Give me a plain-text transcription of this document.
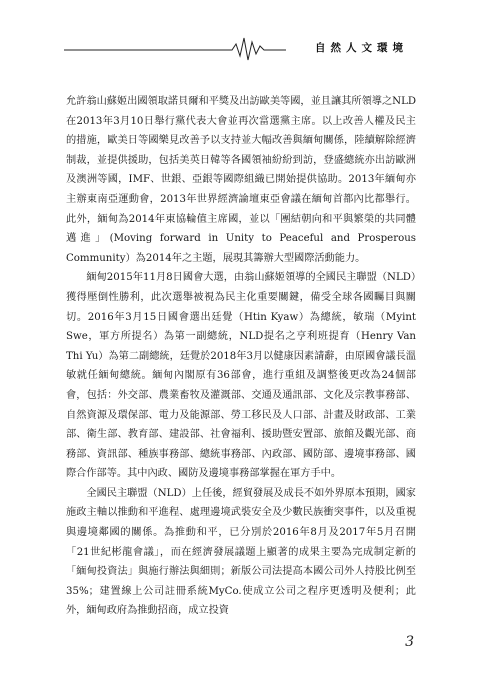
自然人文環境

允許翁山蘇姬出國領取諾貝爾和平獎及出訪歐美等國，並且讓其所領導之NLD在2013年3月10日舉行黨代表大會並再次當選黨主席。以上改善人權及民主的措施，歐美日等國樂見改善予以支持並大幅改善與緬甸關係，陸續解除經濟制裁，並提供援助，包括美英日韓等各國領袖紛紛到訪，登盛總統亦出訪歐洲及澳洲等國，IMF、世銀、亞銀等國際組織已開始提供協助。2013年緬甸亦主辦東南亞運動會，2013年世界經濟論壇東亞會議在緬甸首都內比都舉行。此外，緬甸為2014年東協輪值主席國，並以「團結朝向和平與繁榮的共同體邁進」(Moving forward in Unity to Peaceful and Prosperous Community）為2014年之主題，展現其籌辦大型國際活動能力。

緬甸2015年11月8日國會大選，由翁山蘇姬領導的全國民主聯盟（NLD）獲得壓倒性勝利，此次選舉被視為民主化重要關鍵，備受全球各國矚目與關切。2016年3月15日國會選出廷覺（Htin Kyaw）為總統，敏瑞（Myint Swe，軍方所提名）為第一副總統，NLD提名之亨利班提育（Henry Van Thi Yu）為第二副總統，廷覺於2018年3月以健康因素請辭，由原國會議長溫敏就任緬甸總統。緬甸內閣原有36部會，進行重組及調整後更改為24個部會，包括：外交部、農業畜牧及灌溉部、交通及通訊部、文化及宗教事務部、自然資源及環保部、電力及能源部、勞工移民及人口部、計畫及財政部、工業部、衛生部、教育部、建設部、社會福利、援助暨安置部、旅館及觀光部、商務部、資訊部、種族事務部、總統事務部、內政部、國防部、邊境事務部、國際合作部等。其中內政、國防及邊境事務部掌握在軍方手中。

全國民主聯盟（NLD）上任後，經貿發展及成長不如外界原本預期，國家施政主軸以推動和平進程、處理邊境武裝安全及少數民族衝突事件，以及重視與邊境鄰國的關係。為推動和平，已分別於2016年8月及2017年5月召開「21世紀彬龍會議」，而在經濟發展議題上顯著的成果主要為完成制定新的「緬甸投資法」與施行辦法與細則；新版公司法提高本國公司外人持股比例至35%；建置線上公司註冊系統MyCo.使成立公司之程序更透明及便利；此外，緬甸政府為推動招商，成立投資

3
